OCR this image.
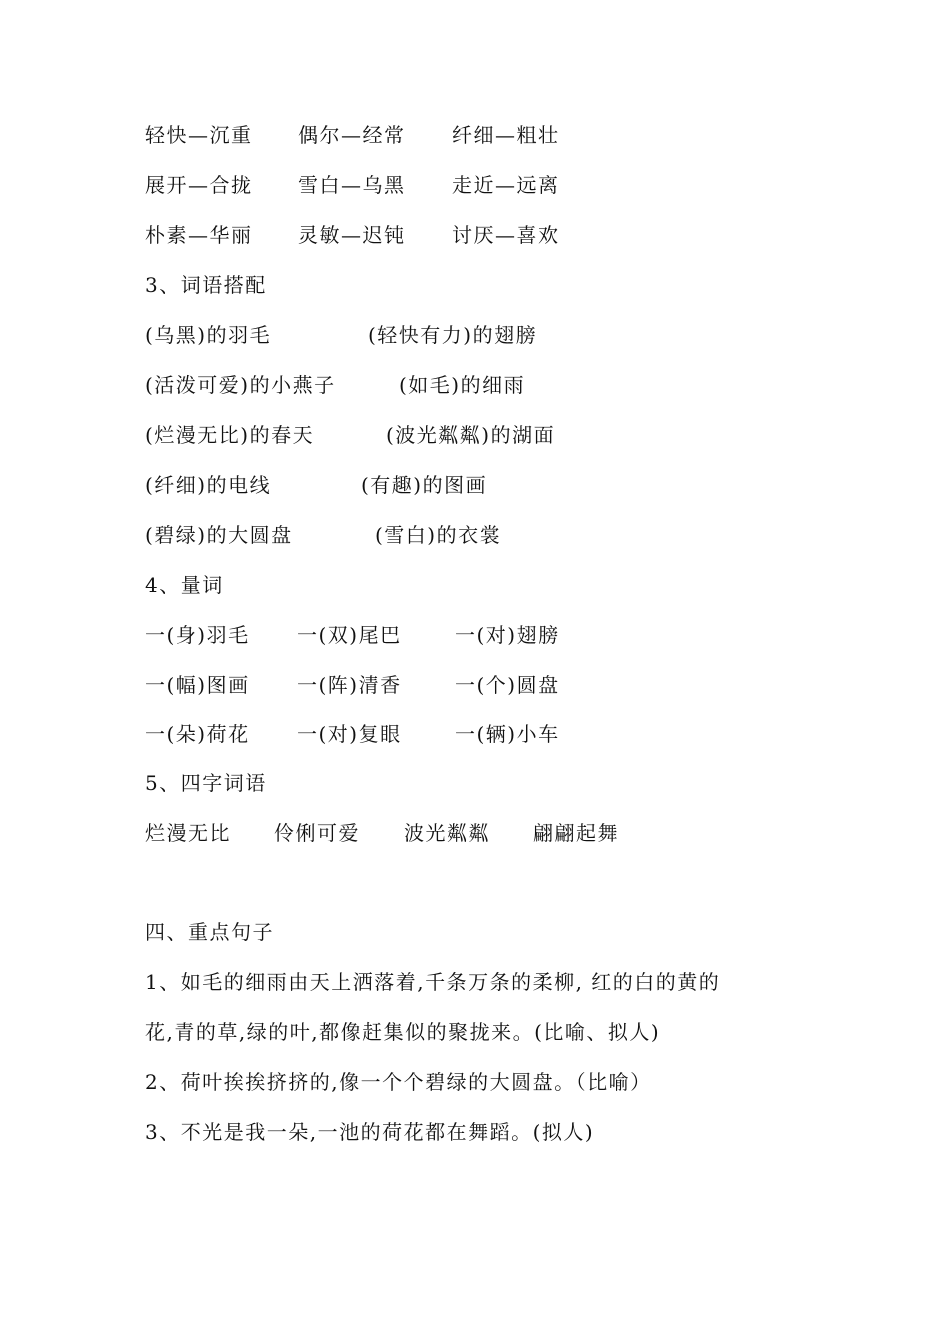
轻快—沉重 偶尔—经常 纤细—粗壮
展开—合拢 雪白—乌黑 走近—远离
朴素—华丽 灵敏—迟钝 讨厌—喜欢
3、词语搭配
(乌黑)的羽毛	(轻快有力)的翅膀
(活泼可爱)的小燕子	(如毛)的细雨
(烂漫无比)的春天	(波光粼粼)的湖面
(纤细)的电线	(有趣)的图画
(碧绿)的大圆盘	(雪白)的衣裳
4、量词
一(身)羽毛 一(双)尾巴	一(对)翅膀
一(幅)图画 一(阵)清香	一(个)圆盘
一(朵)荷花 一(对)复眼	一(辆)小车
5、四字词语
烂漫无比 伶俐可爱 波光粼粼 翩翩起舞
四、重点句子
1、如毛的细雨由天上洒落着,千条万条的柔柳, 红的白的黄的
花,青的草,绿的叶,都像赶集似的聚拢来。(比喻、拟人)
2、荷叶挨挨挤挤的,像一个个碧绿的大圆盘。（比喻）
3、不光是我一朵,一池的荷花都在舞蹈。(拟人)
